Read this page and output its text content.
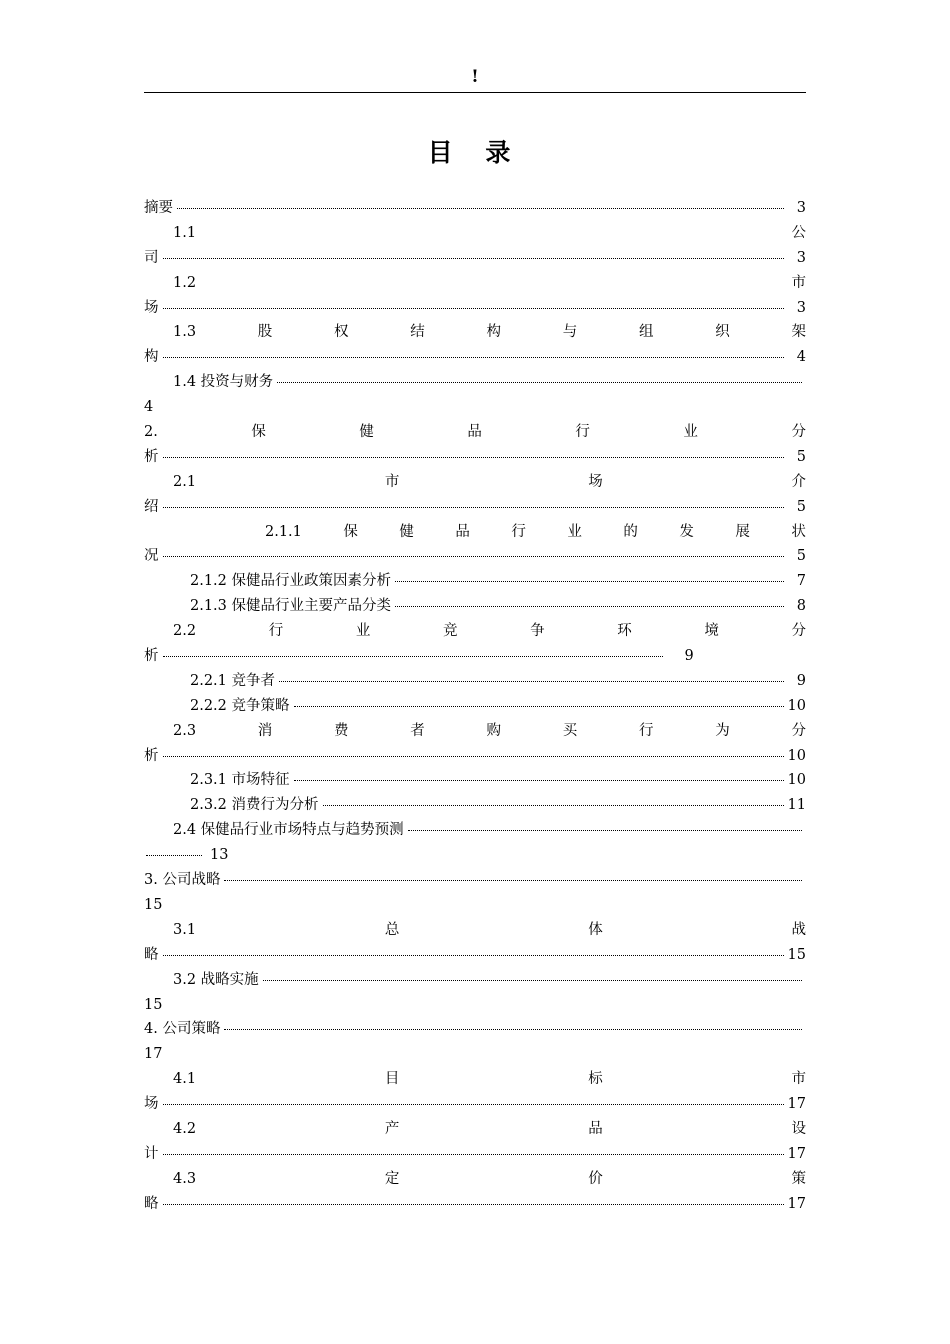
!
目 录
摘要	3
1.1	公
司	3
1.2	市
场	3
1.3	股	权	结	构	与	组	织	架
构	4
1.4 投资与财务
4
2.	保	健	品	行	业	分
析	5
2.1	市	场	介
绍	5
2.1.1	保	健	品	行	业	的	发	展	状
况	5
2.1.2 保健品行业政策因素分析	7
2.1.3 保健品行业主要产品分类	8
2.2	行	业	竞	争	环	境	分
析	9
2.2.1 竞争者	9
2.2.2 竞争策略	10
2.3	消	费	者	购	买	行	为	分
析	10
2.3.1 市场特征	10
2.3.2 消费行为分析	11
2.4 保健品行业市场特点与趋势预测
13
3. 公司战略
15
3.1	总	体	战
略	15
3.2 战略实施
15
4. 公司策略
17
4.1	目	标	市
场	17
4.2	产	品	设
计	17
4.3	定	价	策
略	17
